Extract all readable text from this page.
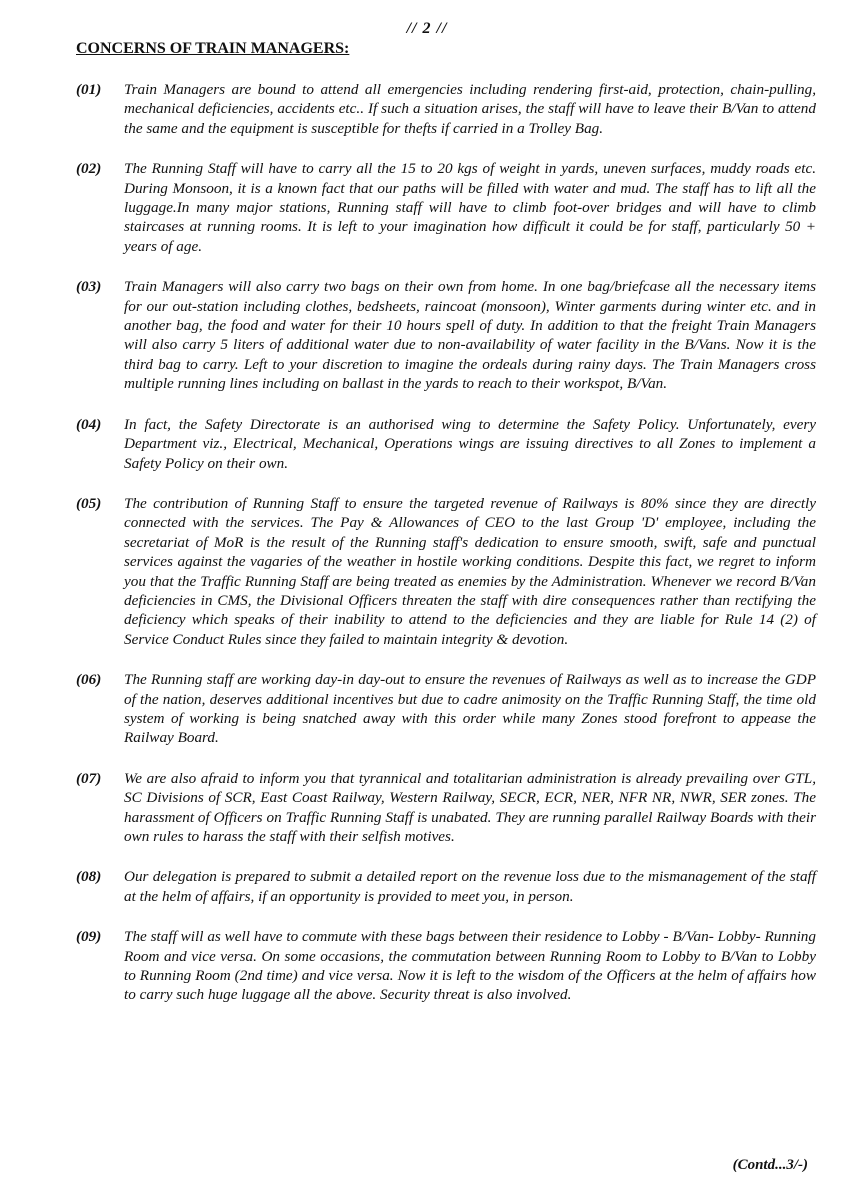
// 2 //
CONCERNS OF TRAIN MANAGERS:
(01)	Train Managers are bound to attend all emergencies including rendering first-aid, protection, chain-pulling, mechanical deficiencies, accidents etc.. If such a situation arises, the staff will have to leave their B/Van to attend the same and the equipment is susceptible for thefts if carried in a Trolley Bag.
(02)	The Running Staff will have to carry all the 15 to 20 kgs of weight in yards, uneven surfaces, muddy roads etc. During Monsoon, it is a known fact that our paths will be filled with water and mud. The staff has to lift all the luggage.In many major stations, Running staff will have to climb foot-over bridges and will have to climb staircases at running rooms. It is left to your imagination how difficult it could be for staff, particularly 50 + years of age.
(03)	Train Managers will also carry two bags on their own from home. In one bag/briefcase all the necessary items for our out-station including clothes, bedsheets, raincoat (monsoon), Winter garments during winter etc. and in another bag, the food and water for their 10 hours spell of duty. In addition to that the freight Train Managers will also carry 5 liters of additional water due to non-availability of water facility in the B/Vans. Now it is the third bag to carry. Left to your discretion to imagine the ordeals during rainy days. The Train Managers cross multiple running lines including on ballast in the yards to reach to their workspot, B/Van.
(04)	In fact, the Safety Directorate is an authorised wing to determine the Safety Policy. Unfortunately, every Department viz., Electrical, Mechanical, Operations wings are issuing directives to all Zones to implement a Safety Policy on their own.
(05)	The contribution of Running Staff to ensure the targeted revenue of Railways is 80% since they are directly connected with the services. The Pay & Allowances of CEO to the last Group 'D' employee, including the secretariat of MoR is the result of the Running staff's dedication to ensure smooth, swift, safe and punctual services against the vagaries of the weather in hostile working conditions. Despite this fact, we regret to inform you that the Traffic Running Staff are being treated as enemies by the Administration. Whenever we record B/Van deficiencies in CMS, the Divisional Officers threaten the staff with dire consequences rather than rectifying the deficiency which speaks of their inability to attend to the deficiencies and they are liable for Rule 14 (2) of Service Conduct Rules since they failed to maintain integrity & devotion.
(06)	The Running staff are working day-in day-out to ensure the revenues of Railways as well as to increase the GDP of the nation, deserves additional incentives but due to cadre animosity on the Traffic Running Staff, the time old system of working is being snatched away with this order while many Zones stood forefront to appease the Railway Board.
(07)	We are also afraid to inform you that tyrannical and totalitarian administration is already prevailing over GTL, SC Divisions of SCR, East Coast Railway, Western Railway, SECR, ECR, NER, NFR NR, NWR, SER zones. The harassment of Officers on Traffic Running Staff is unabated. They are running parallel Railway Boards with their own rules to harass the staff with their selfish motives.
(08)	Our delegation is prepared to submit a detailed report on the revenue loss due to the mismanagement of the staff at the helm of affairs, if an opportunity is provided to meet you, in person.
(09)	The staff will as well have to commute with these bags between their residence to Lobby - B/Van- Lobby- Running Room and vice versa. On some occasions, the commutation between Running Room to Lobby to B/Van to Lobby to Running Room (2nd time) and vice versa. Now it is left to the wisdom of the Officers at the helm of affairs how to carry such huge luggage all the above. Security threat is also involved.
(Contd...3/-)
